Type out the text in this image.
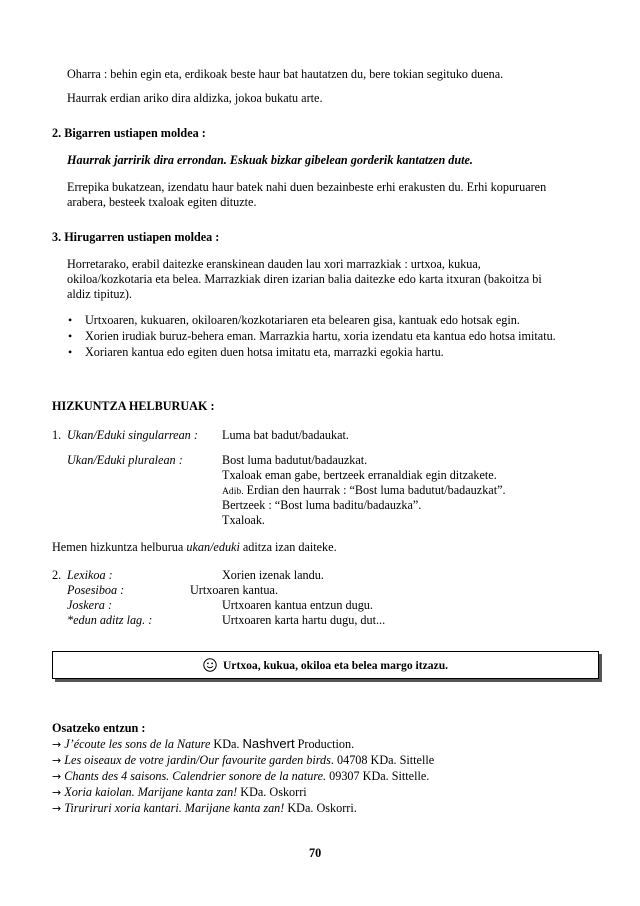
Oharra : behin egin eta, erdikoak beste haur bat hautatzen du, bere tokian segituko duena.
Haurrak erdian ariko dira aldizka, jokoa bukatu arte.
2. Bigarren ustiapen moldea :
Haurrak jarririk dira errondan. Eskuak bizkar gibelean gorderik kantatzen dute.
Errepika bukatzean, izendatu haur batek nahi duen bezainbeste erhi erakusten du. Erhi kopuruaren
arabera, besteek txaloak egiten dituzte.
3. Hirugarren ustiapen moldea :
Horretarako, erabil daitezke eranskinean dauden lau xori marrazkiak : urtxoa, kukua,
okiloa/kozkotaria eta belea. Marrazkiak diren izarian balia daitezke edo karta itxuran (bakoitza bi
aldiz tipituz).
• Urtxoaren, kukuaren, okiloaren/kozkotariaren eta belearen gisa, kantuak edo hotsak egin.
• Xorien irudiak buruz-behera eman. Marrazkia hartu, xoria izendatu eta kantua edo hotsa imitatu.
• Xoriaren kantua edo egiten duen hotsa imitatu eta, marrazki egokia hartu.
HIZKUNTZA HELBURUAK :
1. Ukan/Eduki singularrean : Luma bat badut/badaukat.
Ukan/Eduki pluralean :	Bost luma badutut/badauzkat.
Txaloak eman gabe, bertzeek erranaldiak egin ditzakete.
Adib. Erdian den haurrak : “Bost luma badutut/badauzkat”.
Bertzeek : “Bost luma baditu/badauzka”.
Txaloak.
Hemen hizkuntza helburua ukan/eduki aditza izan daiteke.
2. Lexikoa :	Xorien izenak landu.
Posesiboa :	Urtxoaren kantua.
Joskera :	Urtxoaren kantua entzun dugu.
*edun aditz lag. :	Urtxoaren karta hartu dugu, dut...
Urtxoa, kukua, okiloa eta belea margo itzazu.
Osatzeko entzun :
→ J’écoute les sons de la Nature KDa. Nashvert Production.
→ Les oiseaux de votre jardin/Our favourite garden birds. 04708 KDa. Sittelle
→ Chants des 4 saisons. Calendrier sonore de la nature. 09307 KDa. Sittelle.
→ Xoria kaiolan. Marijane kanta zan! KDa. Oskorri
→ Tiruriruri xoria kantari. Marijane kanta zan! KDa. Oskorri.
70
